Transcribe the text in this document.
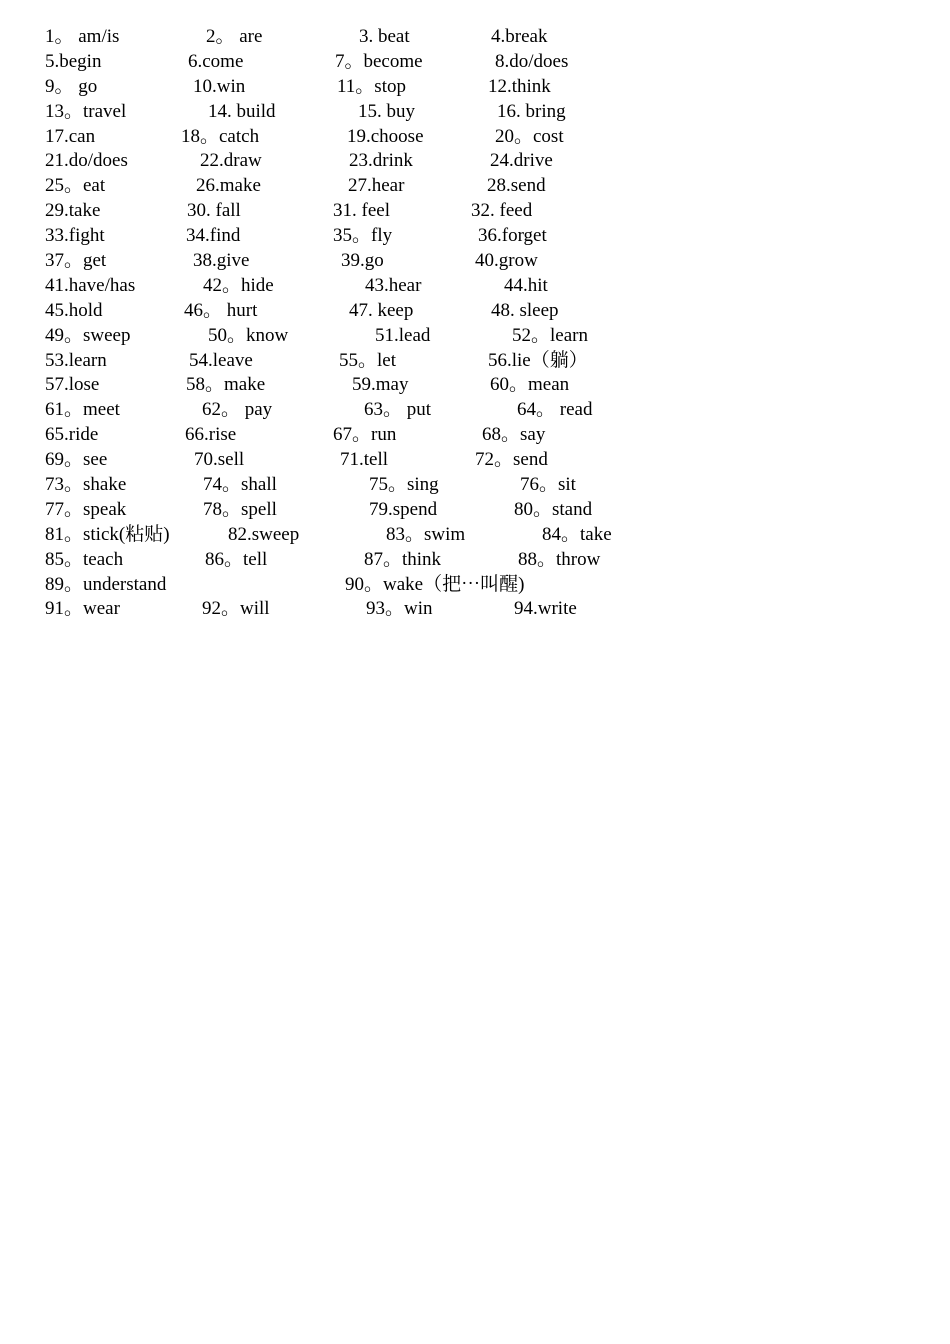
1。 am/is	2。 are	3. beat	4.break
5.begin	6.come	7。become	8.do/does
9。 go	10.win	11。stop	12.think
13。travel	14. build	15. buy	16. bring
17.can	18。catch	19.choose	20。cost
21.do/does	22.draw	23.drink	24.drive
25。eat	26.make	27.hear	28.send
29.take	30. fall	31. feel	32. feed
33.fight	34.find	35。fly	36.forget
37。get	38.give	39.go	40.grow
41.have/has	42。hide	43.hear	44.hit
45.hold	46。 hurt	47. keep	48. sleep
49。sweep	50。know	51.lead	52。learn
53.learn	54.leave	55。let	56.lie（躺）
57.lose	58。make	59.may	60。mean
61。meet	62。 pay	63。 put	64。 read
65.ride	66.rise	67。run	68。say
69。see	70.sell	71.tell	72。send
73。shake	74。shall	75。sing	76。sit
77。speak	78。spell	79.spend	80。stand
81。stick(粘贴)	82.sweep	83。swim	84。take
85。teach	86。tell	87。think	88。throw
89。understand	90。wake（把⋯叫醒)
91。wear	92。will	93。win	94.write
